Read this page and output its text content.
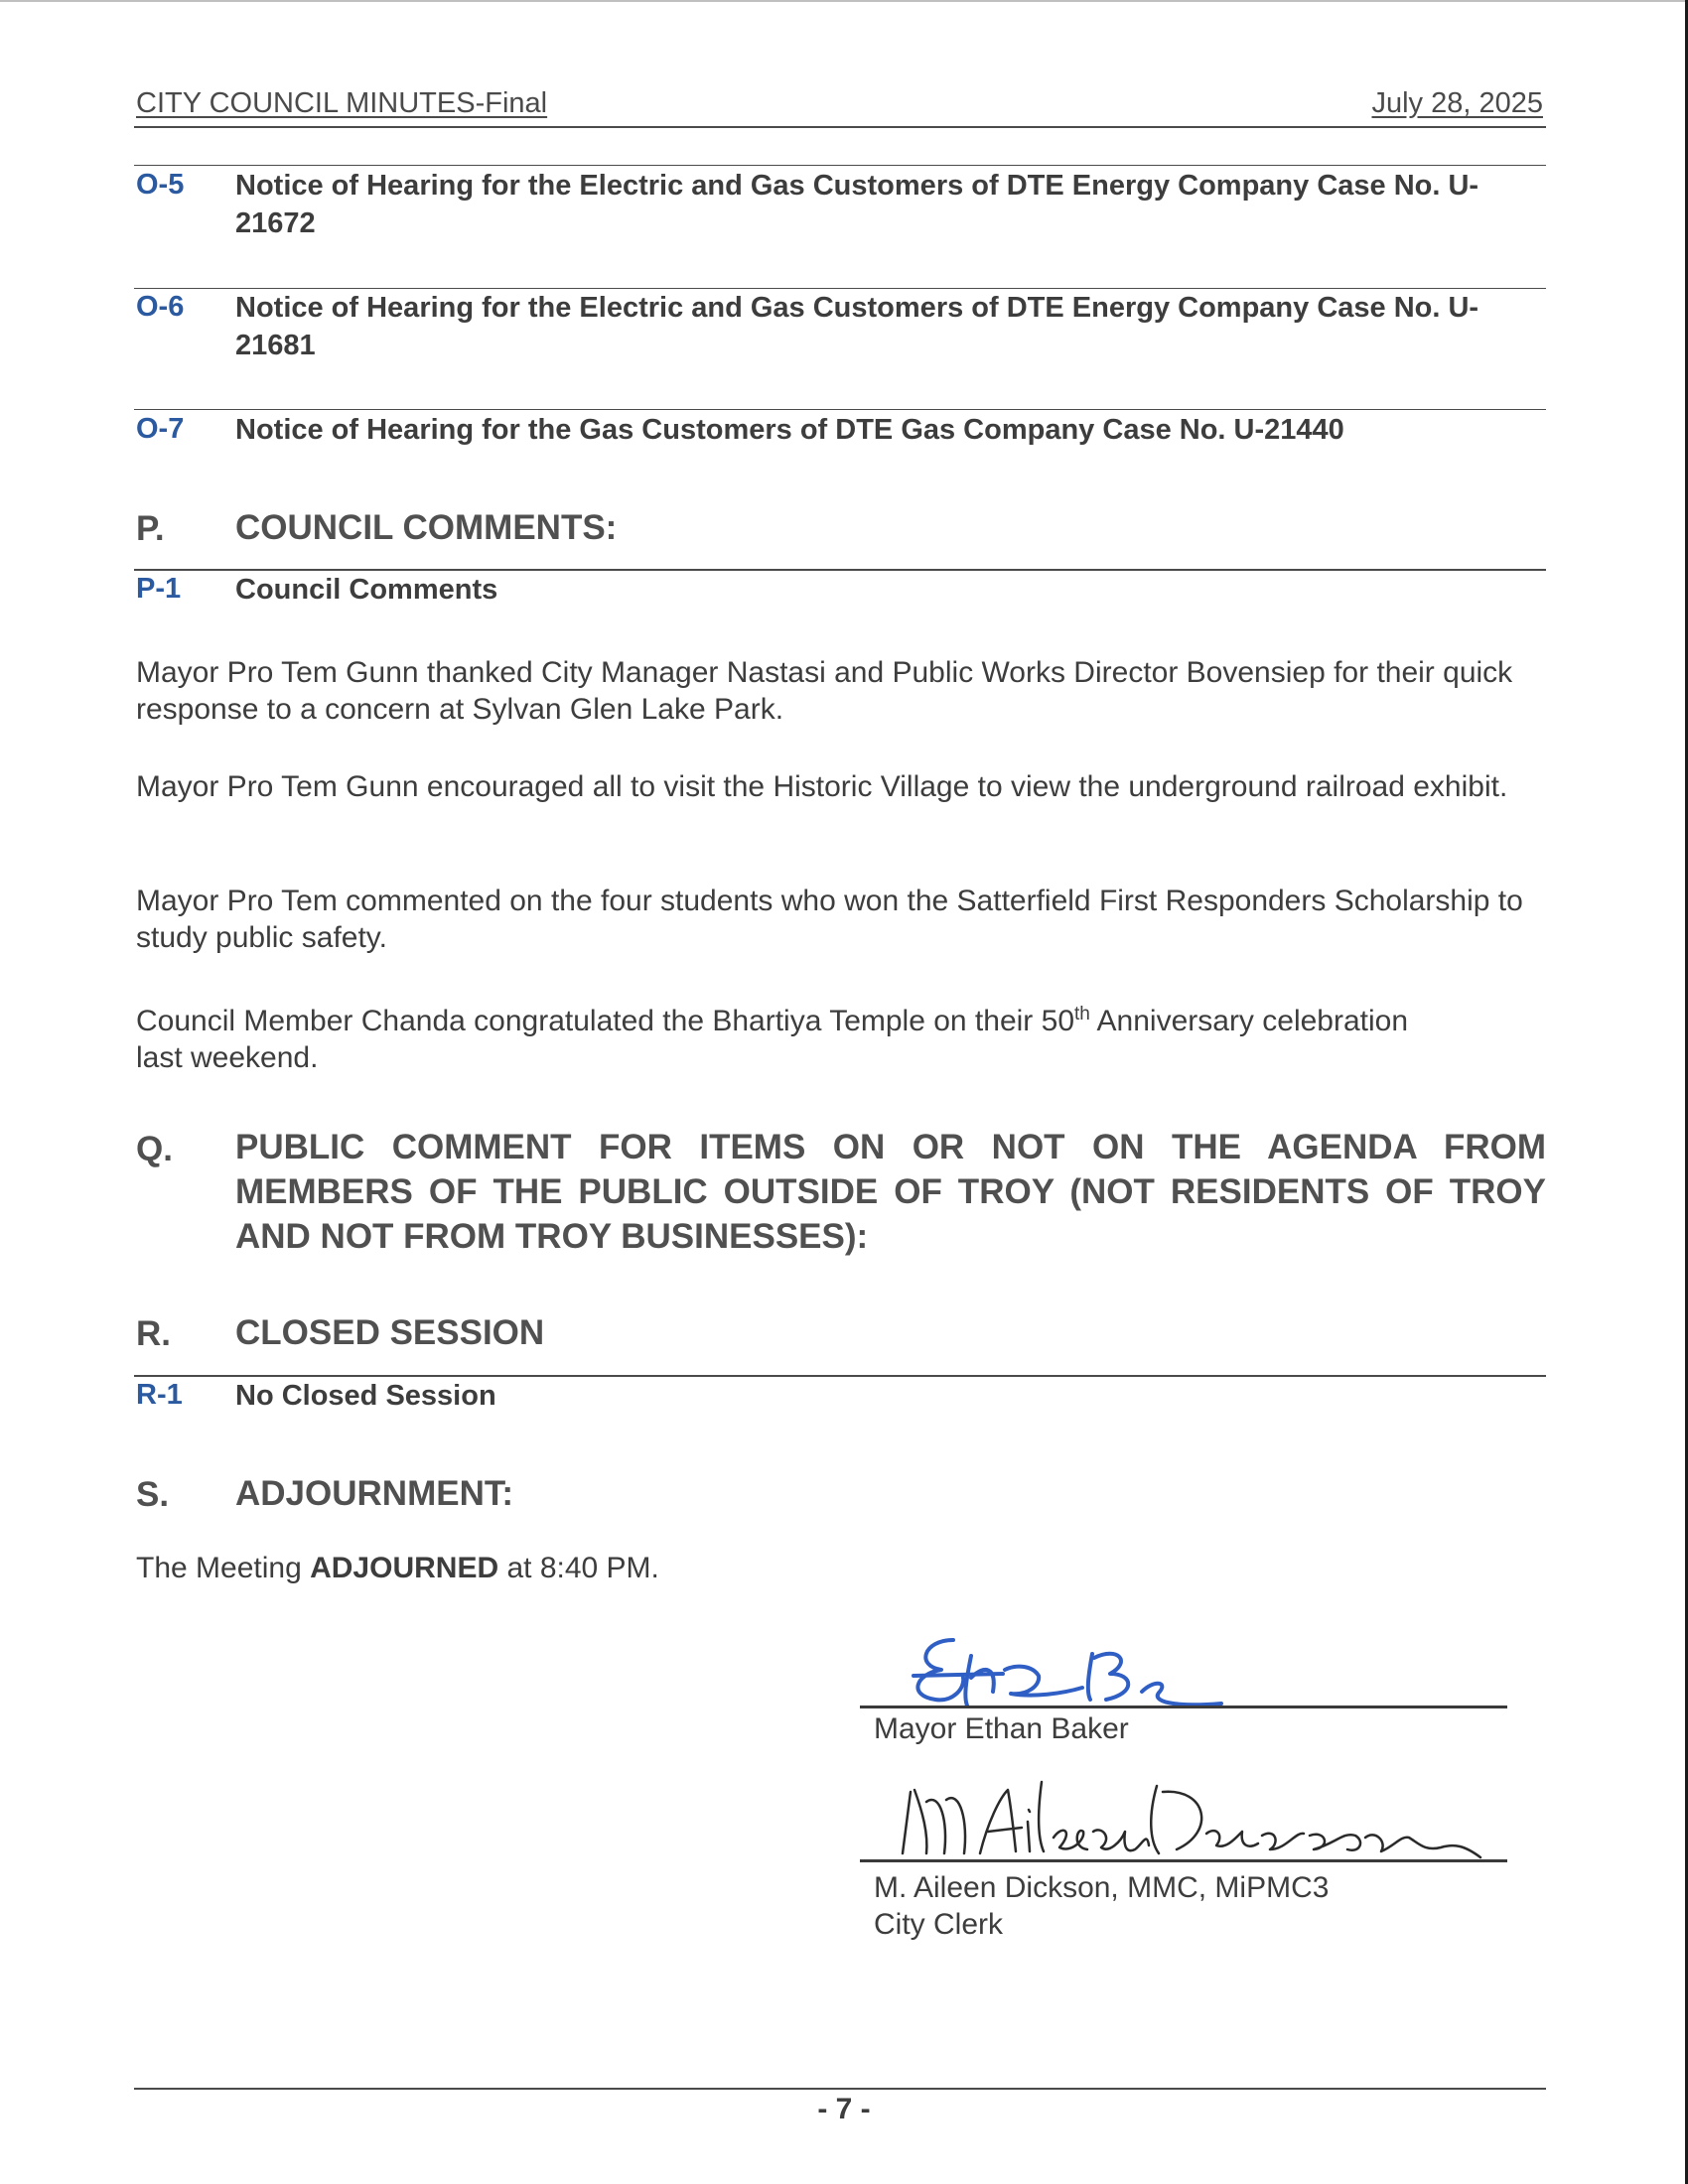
CITY COUNCIL MINUTES-Final	July 28, 2025
O-5 Notice of Hearing for the Electric and Gas Customers of DTE Energy Company Case No. U-21672
O-6 Notice of Hearing for the Electric and Gas Customers of DTE Energy Company Case No. U-21681
O-7 Notice of Hearing for the Gas Customers of DTE Gas Company Case No. U-21440
P. COUNCIL COMMENTS:
P-1 Council Comments
Mayor Pro Tem Gunn thanked City Manager Nastasi and Public Works Director Bovensiep for their quick response to a concern at Sylvan Glen Lake Park.
Mayor Pro Tem Gunn encouraged all to visit the Historic Village to view the underground railroad exhibit.
Mayor Pro Tem commented on the four students who won the Satterfield First Responders Scholarship to study public safety.
Council Member Chanda congratulated the Bhartiya Temple on their 50th Anniversary celebration last weekend.
Q. PUBLIC COMMENT FOR ITEMS ON OR NOT ON THE AGENDA FROM MEMBERS OF THE PUBLIC OUTSIDE OF TROY (NOT RESIDENTS OF TROY AND NOT FROM TROY BUSINESSES):
R. CLOSED SESSION
R-1 No Closed Session
S. ADJOURNMENT:
The Meeting ADJOURNED at 8:40 PM.
Mayor Ethan Baker
M. Aileen Dickson, MMC, MiPMC3
City Clerk
- 7 -
